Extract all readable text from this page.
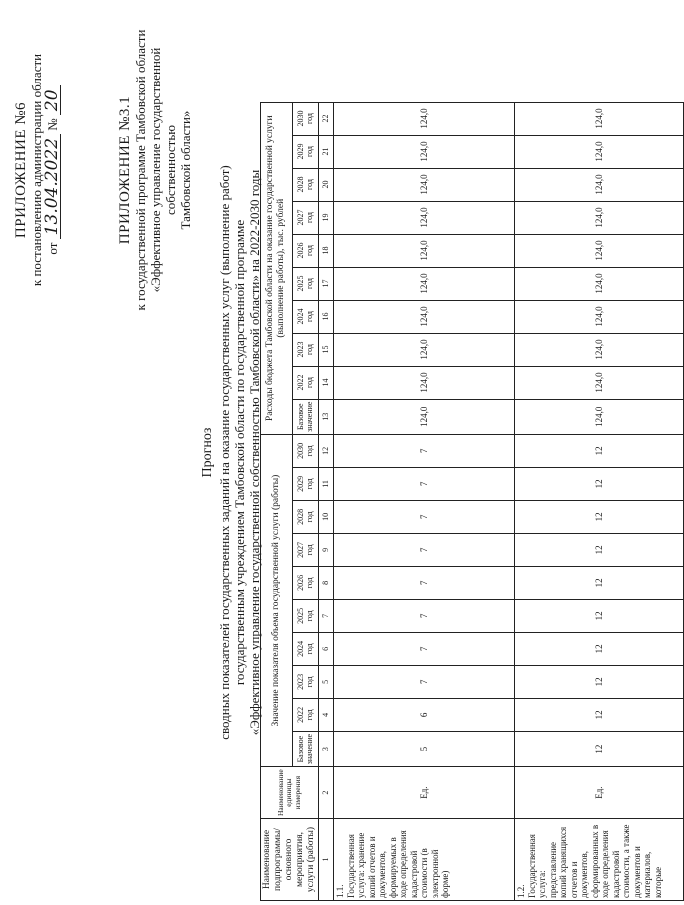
ПРИЛОЖЕНИЕ №6 к постановлению администрации области от 13.04.2022 № 20	ПРИЛОЖЕНИЕ №3.1 к государственной программе Тамбовской области «Эффективное управление государственной собственностью Тамбовской области»
Прогноз сводных показателей государственных заданий на оказание государственных услуг (выполнение работ) государственным учреждением Тамбовской области по государственной программе «Эффективное управление государственной собственностью Тамбовской области» на 2022-2030 годы
Наименование подпрограммы/основного мероприятия, услуги (работы)	Наименование единицы измерения	Значение показателя объема государственной услуги (работы)										Расходы бюджета Тамбовской области на оказание государственной услуги (выполнение работы), тыс. рублей									
		Базовое значение	2022 год	2023 год	2024 год	2025 год	2026 год	2027 год	2028 год	2029 год	2030 год	Базовое значение	2022 год	2023 год	2024 год	2025 год	2026 год	2027 год	2028 год	2029 год	2030 год
1	2	3	4	5	6	7	8	9	10	11	12	13	14	15	16	17	18	19	20	21	22
1.1. Государственная услуга: хранение копий отчетов и документов, формируемых в ходе определения кадастровой стоимости (в электронной форме)	Ед.	5	6	7	7	7	7	7	7	7	7	124,0	124,0	124,0	124,0	124,0	124,0	124,0	124,0	124,0	124,0
1.2. Государственная услуга: представление копий хранящихся отчетов и документов, сформированных в ходе определения кадастровой стоимости, а также документов и материалов, которые	Ед.	12	12	12	12	12	12	12	12	12	12	124,0	124,0	124,0	124,0	124,0	124,0	124,0	124,0	124,0	124,0
